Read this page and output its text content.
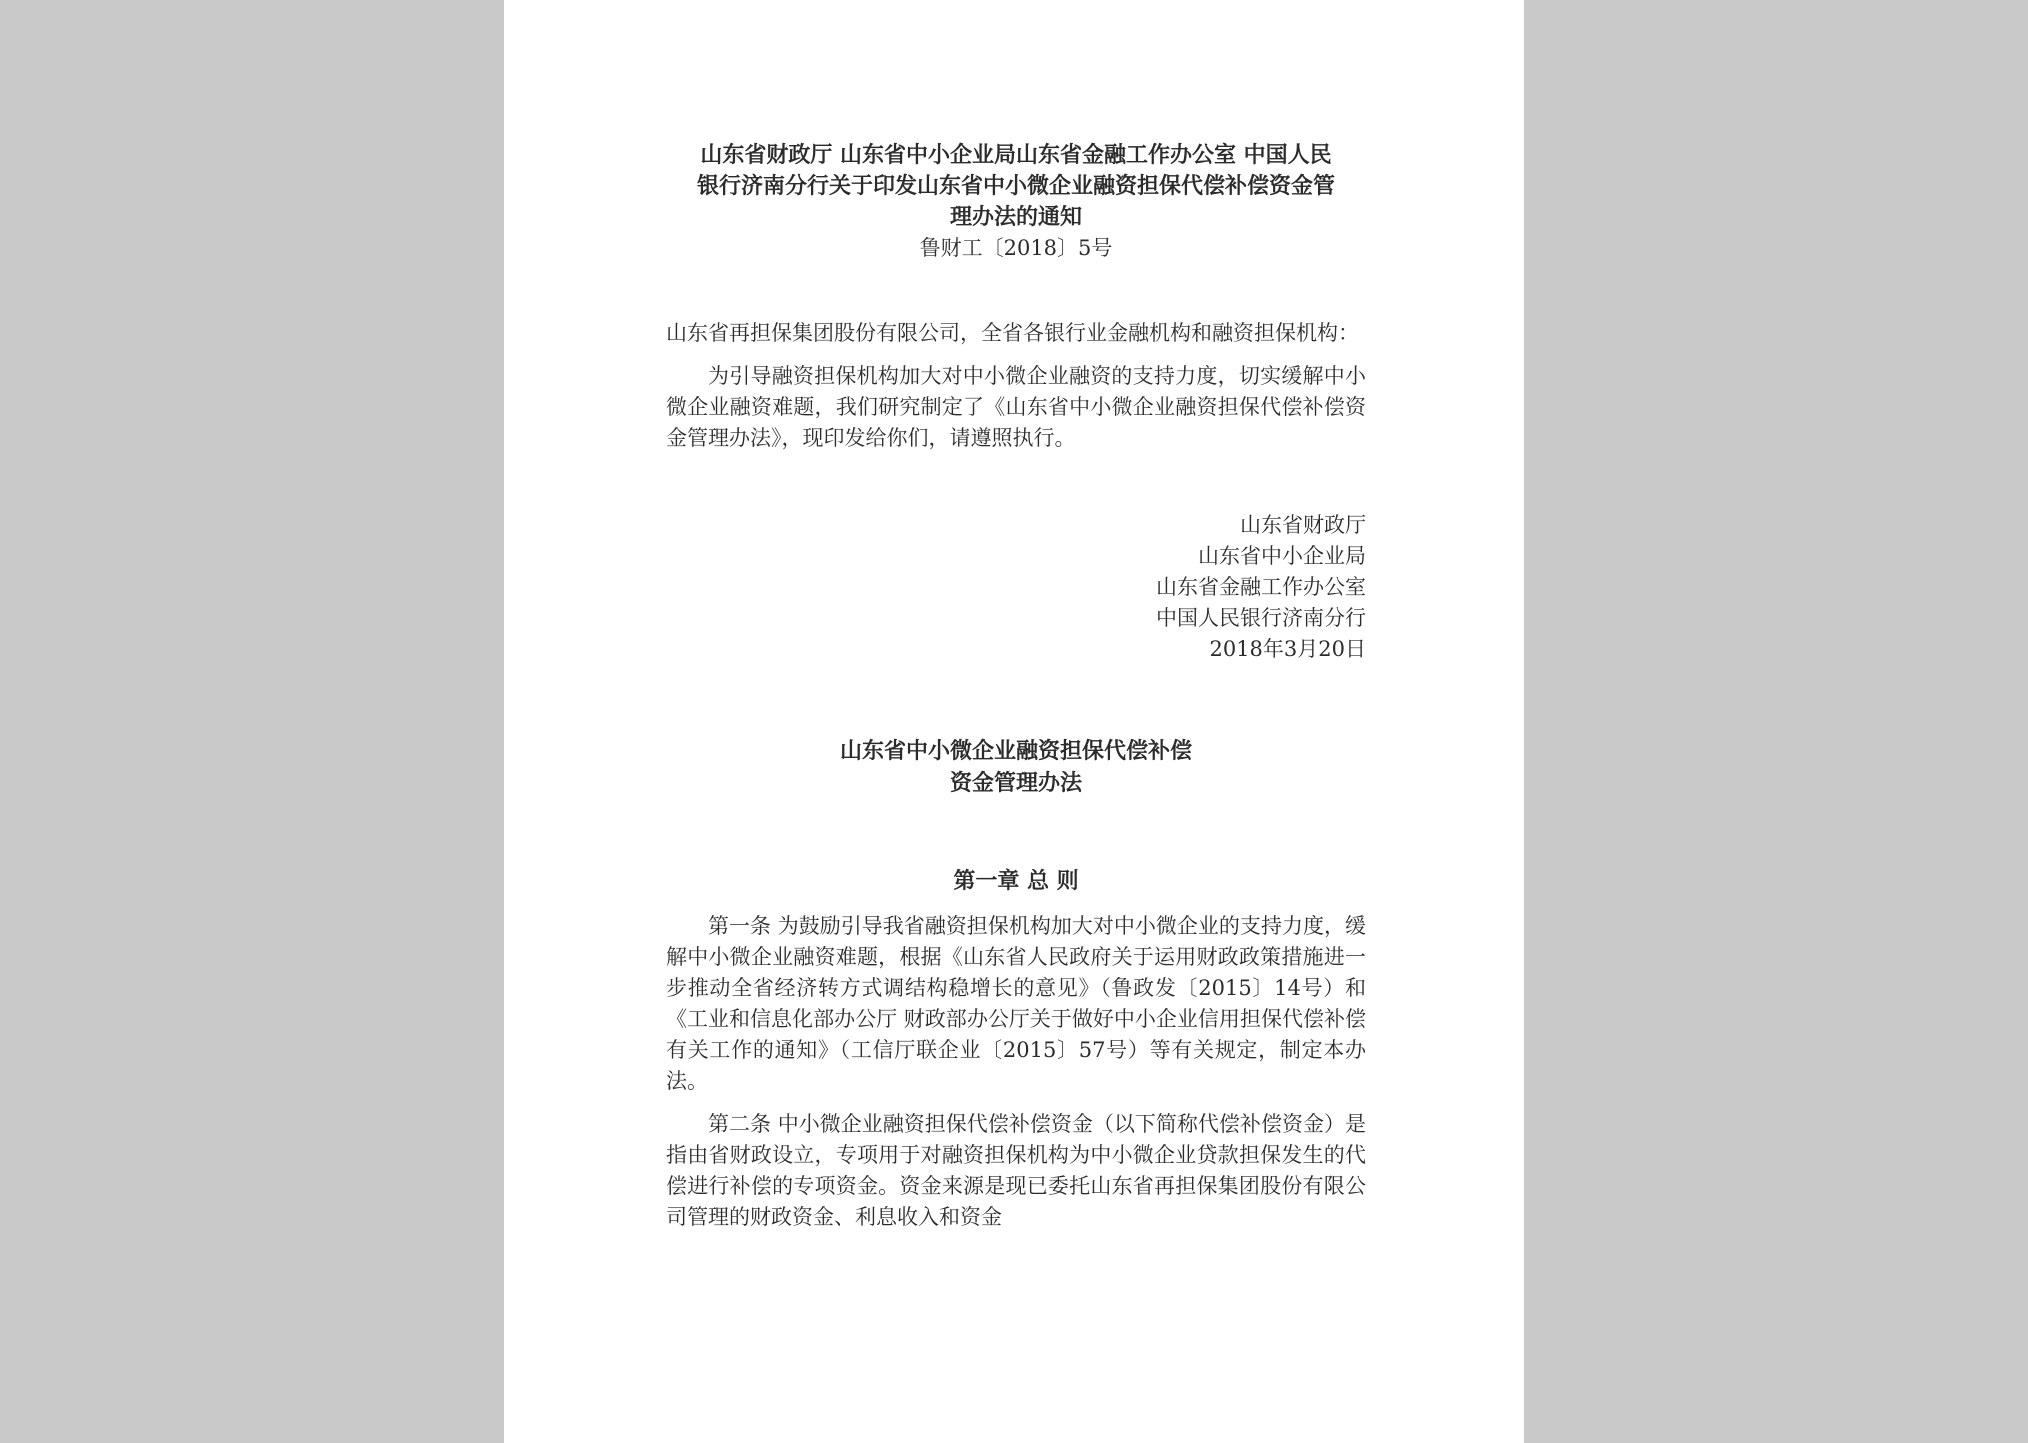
山东省财政厅 山东省中小企业局山东省金融工作办公室 中国人民
银行济南分行关于印发山东省中小微企业融资担保代偿补偿资金管
理办法的通知
鲁财工〔2018〕5号

山东省再担保集团股份有限公司，全省各银行业金融机构和融资担保机构：

为引导融资担保机构加大对中小微企业融资的支持力度，切实缓解中小微企业融资难题，我们研究制定了《山东省中小微企业融资担保代偿补偿资金管理办法》，现印发给你们，请遵照执行。

山东省财政厅
山东省中小企业局
山东省金融工作办公室
中国人民银行济南分行
2018年3月20日
山东省中小微企业融资担保代偿补偿
资金管理办法
第一章 总 则

第一条 为鼓励引导我省融资担保机构加大对中小微企业的支持力度，缓解中小微企业融资难题，根据《山东省人民政府关于运用财政政策措施进一步推动全省经济转方式调结构稳增长的意见》（鲁政发〔2015〕14号）和《工业和信息化部办公厅 财政部办公厅关于做好中小企业信用担保代偿补偿有关工作的通知》（工信厅联企业〔2015〕57号）等有关规定，制定本办法。

第二条 中小微企业融资担保代偿补偿资金（以下简称代偿补偿资金）是指由省财政设立，专项用于对融资担保机构为中小微企业贷款担保发生的代偿进行补偿的专项资金。资金来源是现已委托山东省再担保集团股份有限公司管理的财政资金、利息收入和资金
